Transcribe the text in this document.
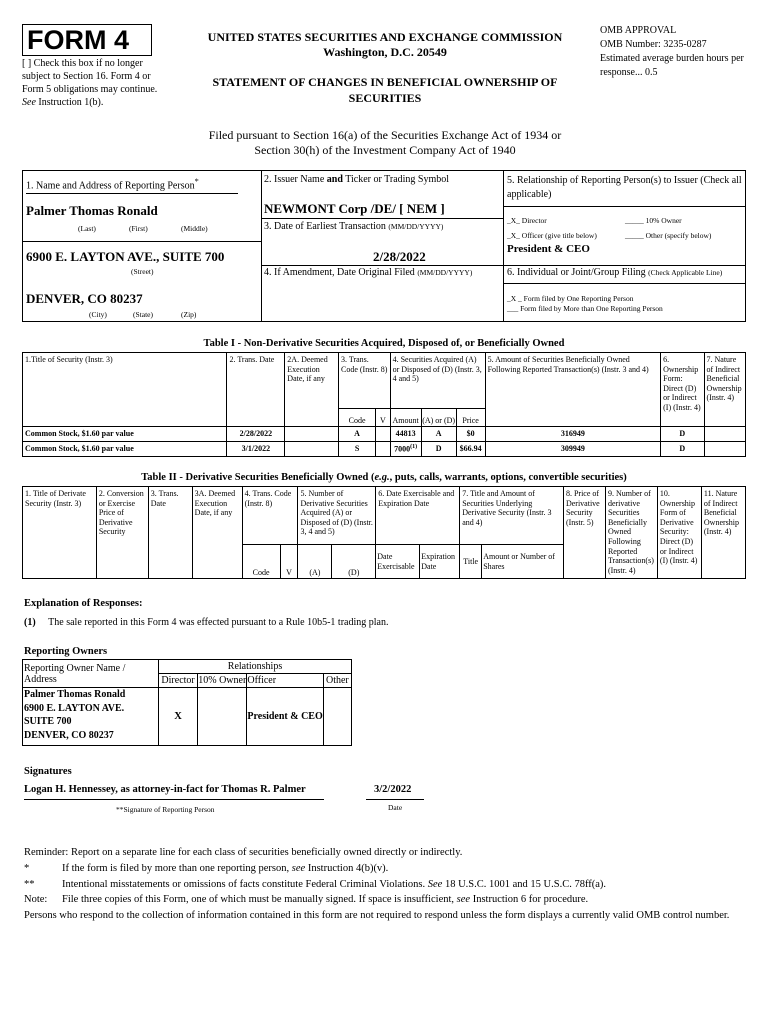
FORM 4
[ ] Check this box if no longer subject to Section 16. Form 4 or Form 5 obligations may continue. See Instruction 1(b).
UNITED STATES SECURITIES AND EXCHANGE COMMISSION
Washington, D.C. 20549
STATEMENT OF CHANGES IN BENEFICIAL OWNERSHIP OF SECURITIES
OMB APPROVAL
OMB Number: 3235-0287
Estimated average burden hours per response... 0.5
Filed pursuant to Section 16(a) of the Securities Exchange Act of 1934 or
Section 30(h) of the Investment Company Act of 1940
1. Name and Address of Reporting Person*
Palmer Thomas Ronald
(Last)	(First)	(Middle)
6900 E. LAYTON AVE., SUITE 700
(Street)
DENVER, CO 80237
(City)	(State)	(Zip)
2. Issuer Name and Ticker or Trading Symbol
NEWMONT Corp /DE/ [ NEM ]
3. Date of Earliest Transaction (MM/DD/YYYY)
2/28/2022
4. If Amendment, Date Original Filed (MM/DD/YYYY)
5. Relationship of Reporting Person(s) to Issuer (Check all applicable)
_X_ Director	_____ 10% Owner
_X_ Officer (give title below)	_____ Other (specify below)
President & CEO
6. Individual or Joint/Group Filing (Check Applicable Line)
_X _ Form filed by One Reporting Person
___ Form filed by More than One Reporting Person
Table I - Non-Derivative Securities Acquired, Disposed of, or Beneficially Owned
1.Title of Security (Instr. 3)	2. Trans. Date	2A. Deemed Execution Date, if any	3. Trans. Code (Instr. 8)		4. Securities Acquired (A) or Disposed of (D) (Instr. 3, 4 and 5)			5. Amount of Securities Beneficially Owned Following Reported Transaction(s) (Instr. 3 and 4)	6. Ownership Form: Direct (D) or Indirect (I) (Instr. 4)	7. Nature of Indirect Beneficial Ownership (Instr. 4)
			Code	V	Amount	(A) or (D)	Price			
Common Stock, $1.60 par value	2/28/2022		A		44813	A	$0	316949	D	
Common Stock, $1.60 par value	3/1/2022		S		7000$^{(1)}$	D	$66.94	309949	D	
Table II - Derivative Securities Beneficially Owned (e.g., puts, calls, warrants, options, convertible securities)
1. Title of Derivate Security (Instr. 3)	2. Conversion or Exercise Price of Derivative Security	3. Trans. Date	3A. Deemed Execution Date, if any	4. Trans. Code (Instr. 8)		5. Number of Derivative Securities Acquired (A) or Disposed of (D) (Instr. 3, 4 and 5)		6. Date Exercisable and Expiration Date		7. Title and Amount of Securities Underlying Derivative Security (Instr. 3 and 4)		8. Price of Derivative Security (Instr. 5)	9. Number of derivative Securities Beneficially Owned Following Reported Transaction(s) (Instr. 4)	10. Ownership Form of Derivative Security: Direct (D) or Indirect (I) (Instr. 4)	11. Nature of Indirect Beneficial Ownership (Instr. 4)
				Code	V	(A)	(D)	Date Exercisable	Expiration Date	Title	Amount or Number of Shares				
Explanation of Responses:
(1) The sale reported in this Form 4 was effected pursuant to a Rule 10b5-1 trading plan.
Reporting Owners
Reporting Owner Name / Address	Relationships			
	Director	10% Owner	Officer	Other

Palmer Thomas Ronald
6900 E. LAYTON AVE.
SUITE 700
DENVER, CO 80237	X		President & CEO	
Signatures
Logan H. Hennessey, as attorney-in-fact for Thomas R. Palmer	3/2/2022
**Signature of Reporting Person	Date
Reminder: Report on a separate line for each class of securities beneficially owned directly or indirectly.
*	If the form is filed by more than one reporting person, see Instruction 4(b)(v).
**	Intentional misstatements or omissions of facts constitute Federal Criminal Violations. See 18 U.S.C. 1001 and 15 U.S.C. 78ff(a).
Note: File three copies of this Form, one of which must be manually signed. If space is insufficient, see Instruction 6 for procedure.
Persons who respond to the collection of information contained in this form are not required to respond unless the form displays a currently valid OMB control number.
